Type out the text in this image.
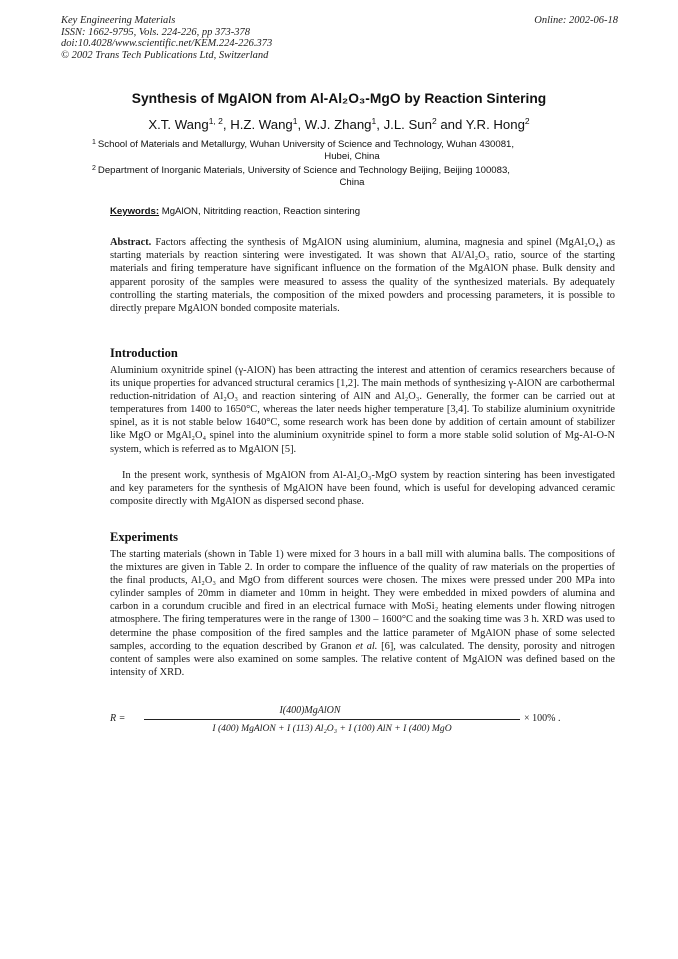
Key Engineering Materials
ISSN: 1662-9795, Vols. 224-226, pp 373-378
doi:10.4028/www.scientific.net/KEM.224-226.373
© 2002 Trans Tech Publications Ltd, Switzerland
Online: 2002-06-18
Synthesis of MgAlON from Al-Al₂O₃-MgO by Reaction Sintering
X.T. Wang$^{1, 2}$, H.Z. Wang$^1$, W.J. Zhang$^1$, J.L. Sun$^2$ and Y.R. Hong$^2$
$^1$ School of Materials and Metallurgy, Wuhan University of Science and Technology, Wuhan 430081,
Hubei, China
$^2$ Department of Inorganic Materials, University of Science and Technology Beijing, Beijing 100083,
China
Keywords: MgAlON, Nitritding reaction, Reaction sintering
Abstract. Factors affecting the synthesis of MgAlON using aluminium, alumina, magnesia and spinel (MgAl₂O₄) as starting materials by reaction sintering were investigated. It was shown that Al/Al₂O₃ ratio, source of the starting materials and firing temperature have significant influence on the formation of the MgAlON phase. Bulk density and apparent porosity of the samples were measured to assess the quality of the synthesized materials. By adequately controlling the starting materials, the composition of the mixed powders and processing parameters, it is possible to directly prepare MgAlON bonded composite materials.
Introduction

Aluminium oxynitride spinel (γ-AlON) has been attracting the interest and attention of ceramics researchers because of its unique properties for advanced structural ceramics [1,2]. The main methods of synthesizing γ-AlON are carbothermal reduction-nitridation of Al₂O₃ and reaction sintering of AlN and Al₂O₃. Generally, the former can be carried out at temperatures from 1400 to 1650°C, whereas the later needs higher temperature [3,4]. To stabilize aluminium oxynitride spinel, as it is not stable below 1640°C, some research work has been done by addition of certain amount of stabilizer like MgO or MgAl₂O₄ spinel into the aluminium oxynitride spinel to form a more stable solid solution of Mg-Al-O-N system, which is referred as to MgAlON [5].

In the present work, synthesis of MgAlON from Al-Al₂O₃-MgO system by reaction sintering has been investigated and key parameters for the synthesis of MgAlON have been found, which is useful for developing advanced ceramic composite directly with MgAlON as dispersed second phase.

Experiments

The starting materials (shown in Table 1) were mixed for 3 hours in a ball mill with alumina balls. The compositions of the mixtures are given in Table 2. In order to compare the influence of the quality of raw materials on the properties of the final products, Al₂O₃ and MgO from different sources were chosen. The mixes were pressed under 200 MPa into cylinder samples of 20mm in diameter and 10mm in height. They were embedded in mixed powders of alumina and carbon in a corundum crucible and fired in an electrical furnace with MoSi₂ heating elements under flowing nitrogen atmosphere. The firing temperatures were in the range of 1300 – 1600°C and the soaking time was 3 h. XRD was used to determine the phase composition of the fired samples and the lattice parameter of MgAlON phase of some selected samples, according to the equation described by Granon et al. [6], was calculated. The density, porosity and nitrogen content of samples were also examined on some samples. The relative content of MgAlON was defined based on the intensity of XRD.

R =
I(400)MgAlON
I (400) MgAlON + I (113) Al₂O₃ + I (100) AlN + I (400) MgO
× 100% .
